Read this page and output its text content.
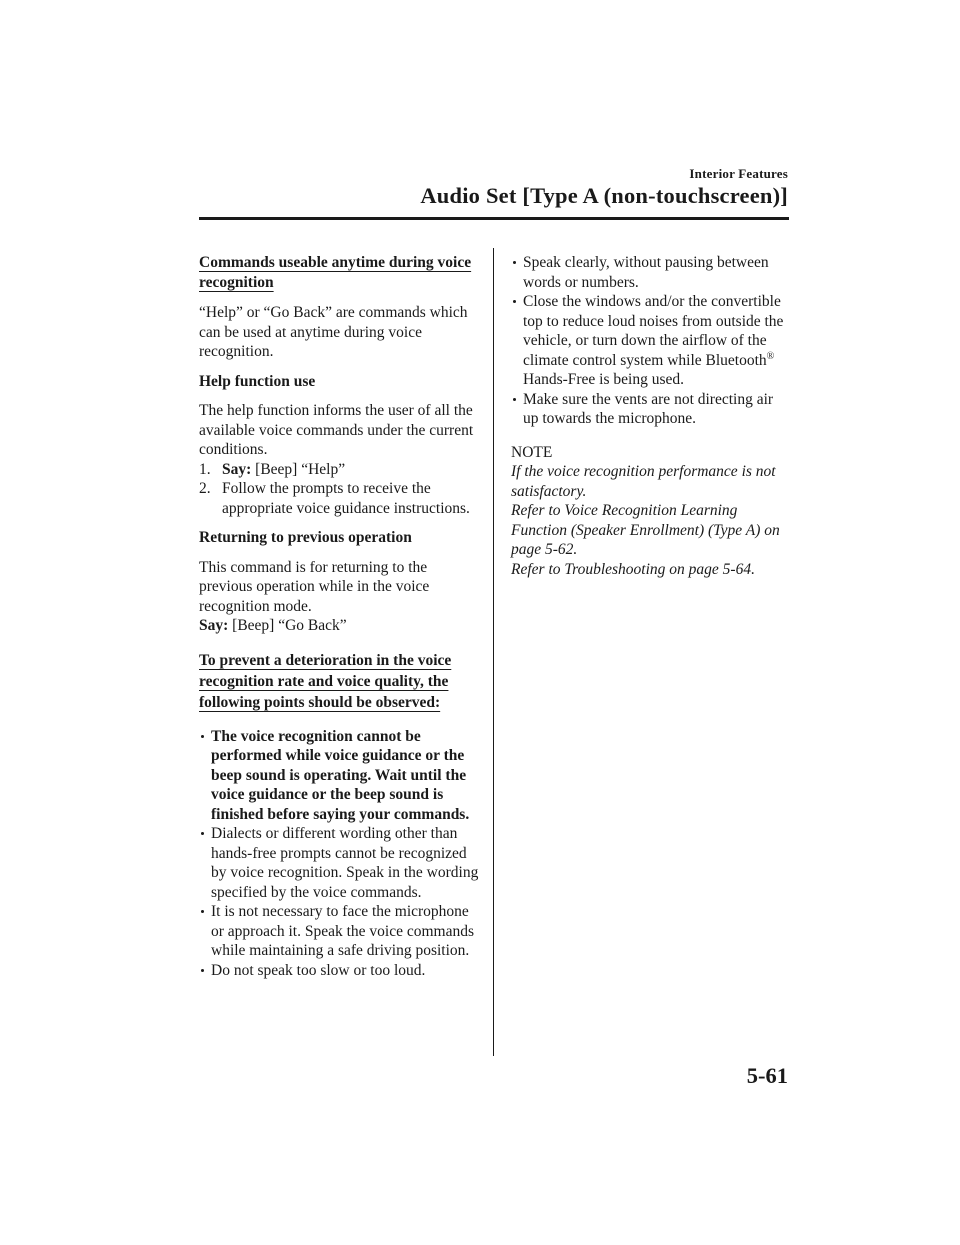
Interior Features
Audio Set [Type A (non-touchscreen)]
Commands useable anytime during voice recognition

“Help” or “Go Back” are commands which can be used at anytime during voice recognition.

Help function use

The help function informs the user of all the available voice commands under the current conditions.

1. Say: [Beep] “Help”
2. Follow the prompts to receive the appropriate voice guidance instructions.
Returning to previous operation

This command is for returning to the previous operation while in the voice recognition mode.

Say: [Beep] “Go Back”

To prevent a deterioration in the voice recognition rate and voice quality, the following points should be observed:
The voice recognition cannot be performed while voice guidance or the beep sound is operating. Wait until the voice guidance or the beep sound is finished before saying your commands.
Dialects or different wording other than hands-free prompts cannot be recognized by voice recognition. Speak in the wording specified by the voice commands.
It is not necessary to face the microphone or approach it. Speak the voice commands while maintaining a safe driving position.
Do not speak too slow or too loud.
Speak clearly, without pausing between words or numbers.
Close the windows and/or the convertible top to reduce loud noises from outside the vehicle, or turn down the airflow of the climate control system while Bluetooth® Hands-Free is being used.
Make sure the vents are not directing air up towards the microphone.
NOTE
If the voice recognition performance is not satisfactory.
Refer to Voice Recognition Learning Function (Speaker Enrollment) (Type A) on page 5-62.
Refer to Troubleshooting on page 5-64.
5-61
